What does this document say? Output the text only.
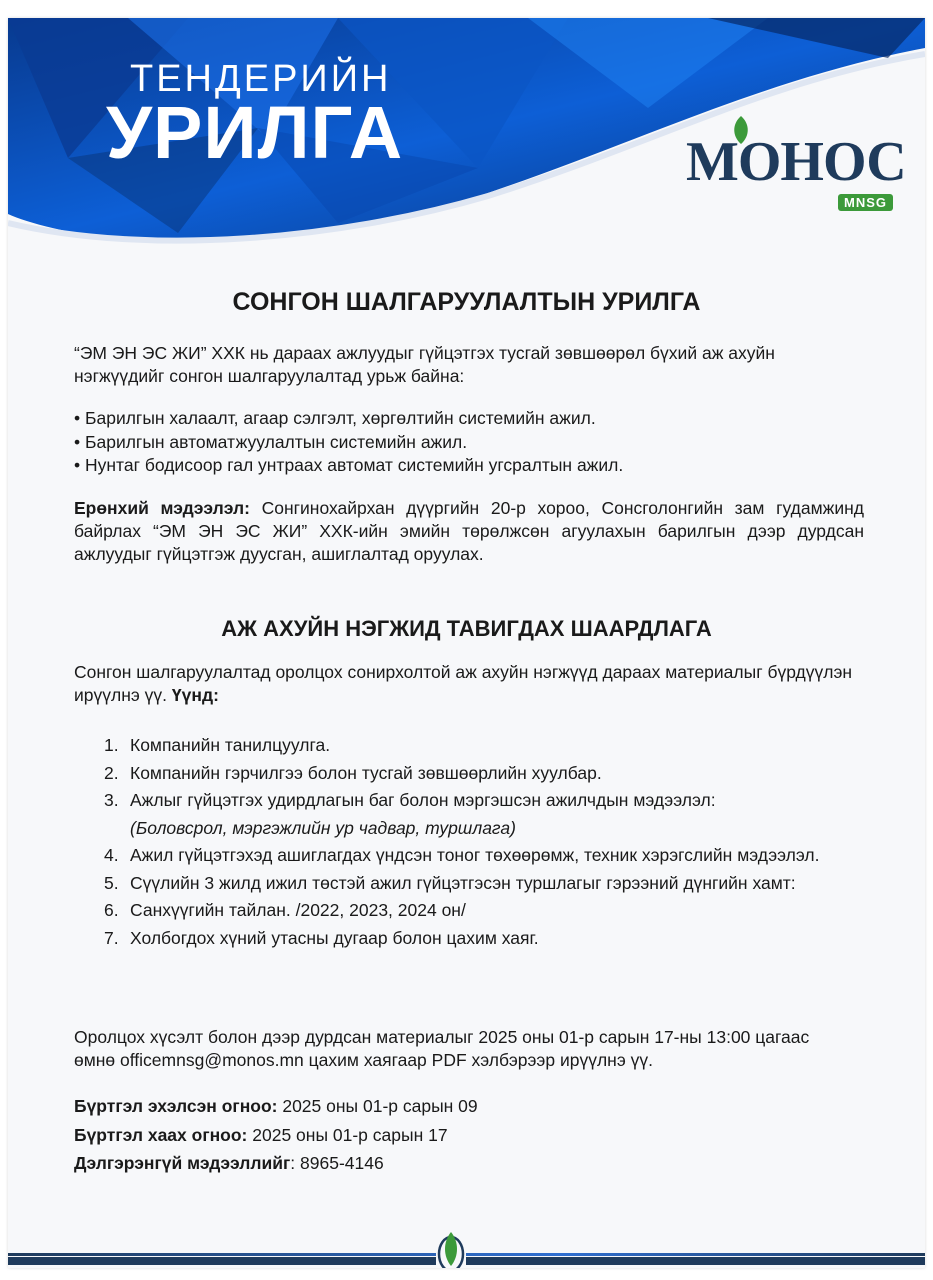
ТЕНДЕРИЙН
УРИЛГА	МОНОС
MNSG
СОНГОН ШАЛГАРУУЛАЛТЫН УРИЛГА

“ЭМ ЭН ЭС ЖИ” ХХК нь дараах ажлуудыг гүйцэтгэх тусгай зөвшөөрөл бүхий аж ахуйн нэгжүүдийг сонгон шалгаруулалтад урьж байна:

• Барилгын халаалт, агаар сэлгэлт, хөргөлтийн системийн ажил.
• Барилгын автоматжуулалтын системийн ажил.
• Нунтаг бодисоор гал унтраах автомат системийн угсралтын ажил.

Ерөнхий мэдээлэл: Сонгинохайрхан дүүргийн 20-р хороо, Сонсголонгийн зам гудамжинд байрлах “ЭМ ЭН ЭС ЖИ” ХХК-ийн эмийн төрөлжсөн агуулахын барилгын дээр дурдсан ажлуудыг гүйцэтгэж дуусган, ашиглалтад оруулах.

АЖ АХУЙН НЭГЖИД ТАВИГДАХ ШААРДЛАГА

Сонгон шалгаруулалтад оролцох сонирхолтой аж ахуйн нэгжүүд дараах материалыг бүрдүүлэн ирүүлнэ үү. Үүнд:

1. Компанийн танилцуулга.
2. Компанийн гэрчилгээ болон тусгай зөвшөөрлийн хуулбар.
3. Ажлыг гүйцэтгэх удирдлагын баг болон мэргэшсэн ажилчдын мэдээлэл:
(Боловсрол, мэргэжлийн ур чадвар, туршлага)
4. Ажил гүйцэтгэхэд ашиглагдах үндсэн тоног төхөөрөмж, техник хэрэгслийн мэдээлэл.
5. Сүүлийн 3 жилд ижил төстэй ажил гүйцэтгэсэн туршлагыг гэрээний дүнгийн хамт:
6. Санхүүгийн тайлан. /2022, 2023, 2024 он/
7. Холбогдох хүний утасны дугаар болон цахим хаяг.

Оролцох хүсэлт болон дээр дурдсан материалыг 2025 оны 01-р сарын 17-ны 13:00 цагаас өмнө officemnsg@monos.mn цахим хаягаар PDF хэлбэрээр ирүүлнэ үү.

Бүртгэл эхэлсэн огноо: 2025 оны 01-р сарын 09
Бүртгэл хаах огноо: 2025 оны 01-р сарын 17
Дэлгэрэнгүй мэдээллийг: 8965-4146
